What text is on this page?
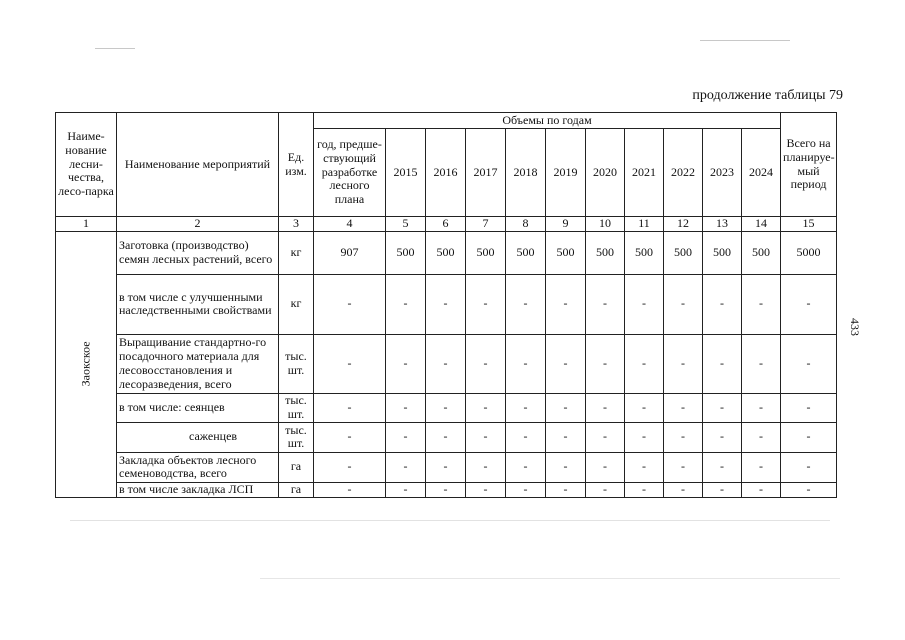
продолжение таблицы 79
433
Наиме-нование лесни-чества, лесо-парка	Наименование мероприятий	Ед. изм.	Объемы по годам											Всего на планируе-мый период
			год, предше-ствующий разработке лесного плана	2015	2016	2017	2018	2019	2020	2021	2022	2023	2024	
1	2	3	4	5	6	7	8	9	10	11	12	13	14	15
Заокское	Заготовка (производство) семян лесных растений, всего	кг	907	500	500	500	500	500	500	500	500	500	500	5000
	в том числе с улучшенными наследственными свойствами	кг	-	-	-	-	-	-	-	-	-	-	-	-
	Выращивание стандартно-го посадочного материала для лесовосстановления и лесоразведения, всего	тыс. шт.	-	-	-	-	-	-	-	-	-	-	-	-
	в том числе: сеянцев	тыс. шт.	-	-	-	-	-	-	-	-	-	-	-	-
	саженцев	тыс. шт.	-	-	-	-	-	-	-	-	-	-	-	-
	Закладка объектов лесного семеноводства, всего	га	-	-	-	-	-	-	-	-	-	-	-	-
	в том числе закладка ЛСП	га	-	-	-	-	-	-	-	-	-	-	-	-
